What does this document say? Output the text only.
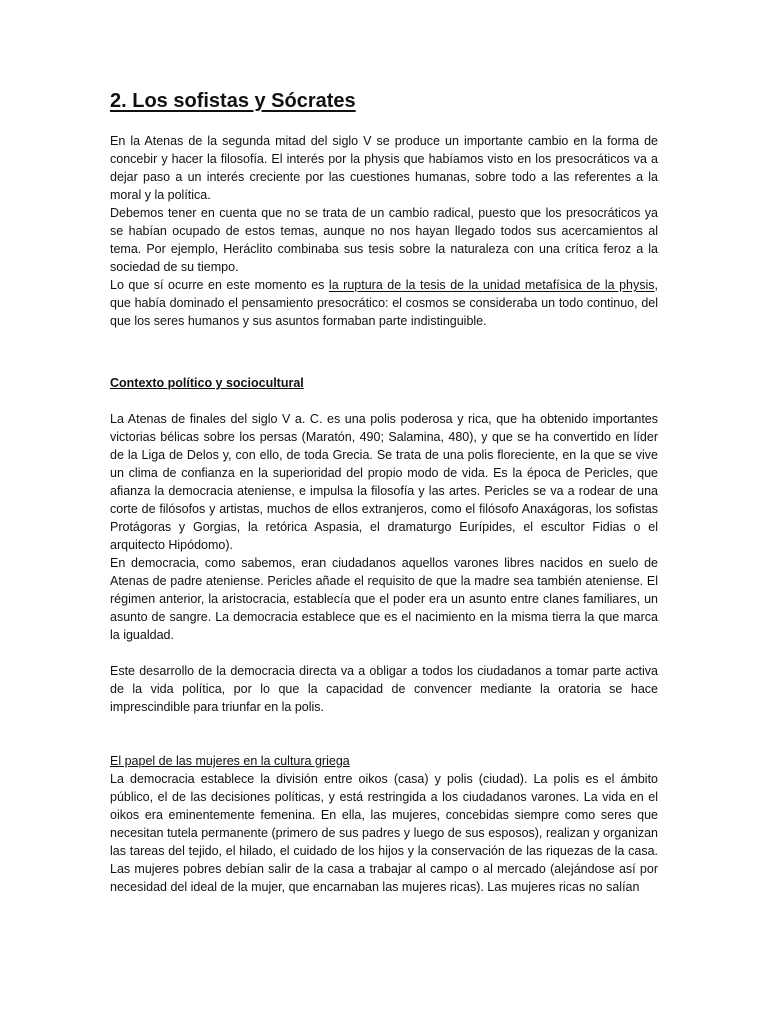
2. Los sofistas y Sócrates

En la Atenas de la segunda mitad del siglo V se produce un importante cambio en la forma de concebir y hacer la filosofía. El interés por la physis que habíamos visto en los presocráticos va a dejar paso a un interés creciente por las cuestiones humanas, sobre todo a las referentes a la moral y la política.

Debemos tener en cuenta que no se trata de un cambio radical, puesto que los presocráticos ya se habían ocupado de estos temas, aunque no nos hayan llegado todos sus acercamientos al tema. Por ejemplo, Heráclito combinaba sus tesis sobre la naturaleza con una crítica feroz a la sociedad de su tiempo.

Lo que sí ocurre en este momento es la ruptura de la tesis de la unidad metafísica de la physis, que había dominado el pensamiento presocrático: el cosmos se consideraba un todo continuo, del que los seres humanos y sus asuntos formaban parte indistinguible.

Contexto político y sociocultural

La Atenas de finales del siglo V a. C. es una polis poderosa y rica, que ha obtenido importantes victorias bélicas sobre los persas (Maratón, 490; Salamina, 480), y que se ha convertido en líder de la Liga de Delos y, con ello, de toda Grecia. Se trata de una polis floreciente, en la que se vive un clima de confianza en la superioridad del propio modo de vida. Es la época de Pericles, que afianza la democracia ateniense, e impulsa la filosofía y las artes. Pericles se va a rodear de una corte de filósofos y artistas, muchos de ellos extranjeros, como el filósofo Anaxágoras, los sofistas Protágoras y Gorgias, la retórica Aspasia, el dramaturgo Eurípides, el escultor Fidias o el arquitecto Hipódomo).

En democracia, como sabemos, eran ciudadanos aquellos varones libres nacidos en suelo de Atenas de padre ateniense. Pericles añade el requisito de que la madre sea también ateniense. El régimen anterior, la aristocracia, establecía que el poder era un asunto entre clanes familiares, un asunto de sangre. La democracia establece que es el nacimiento en la misma tierra la que marca la igualdad.

Este desarrollo de la democracia directa va a obligar a todos los ciudadanos a tomar parte activa de la vida política, por lo que la capacidad de convencer mediante la oratoria se hace imprescindible para triunfar en la polis.

El papel de las mujeres en la cultura griega

La democracia establece la división entre oikos (casa) y polis (ciudad). La polis es el ámbito público, el de las decisiones políticas, y está restringida a los ciudadanos varones. La vida en el oikos era eminentemente femenina. En ella, las mujeres, concebidas siempre como seres que necesitan tutela permanente (primero de sus padres y luego de sus esposos), realizan y organizan las tareas del tejido, el hilado, el cuidado de los hijos y la conservación de las riquezas de la casa. Las mujeres pobres debían salir de la casa a trabajar al campo o al mercado (alejándose así por necesidad del ideal de la mujer, que encarnaban las mujeres ricas). Las mujeres ricas no salían
